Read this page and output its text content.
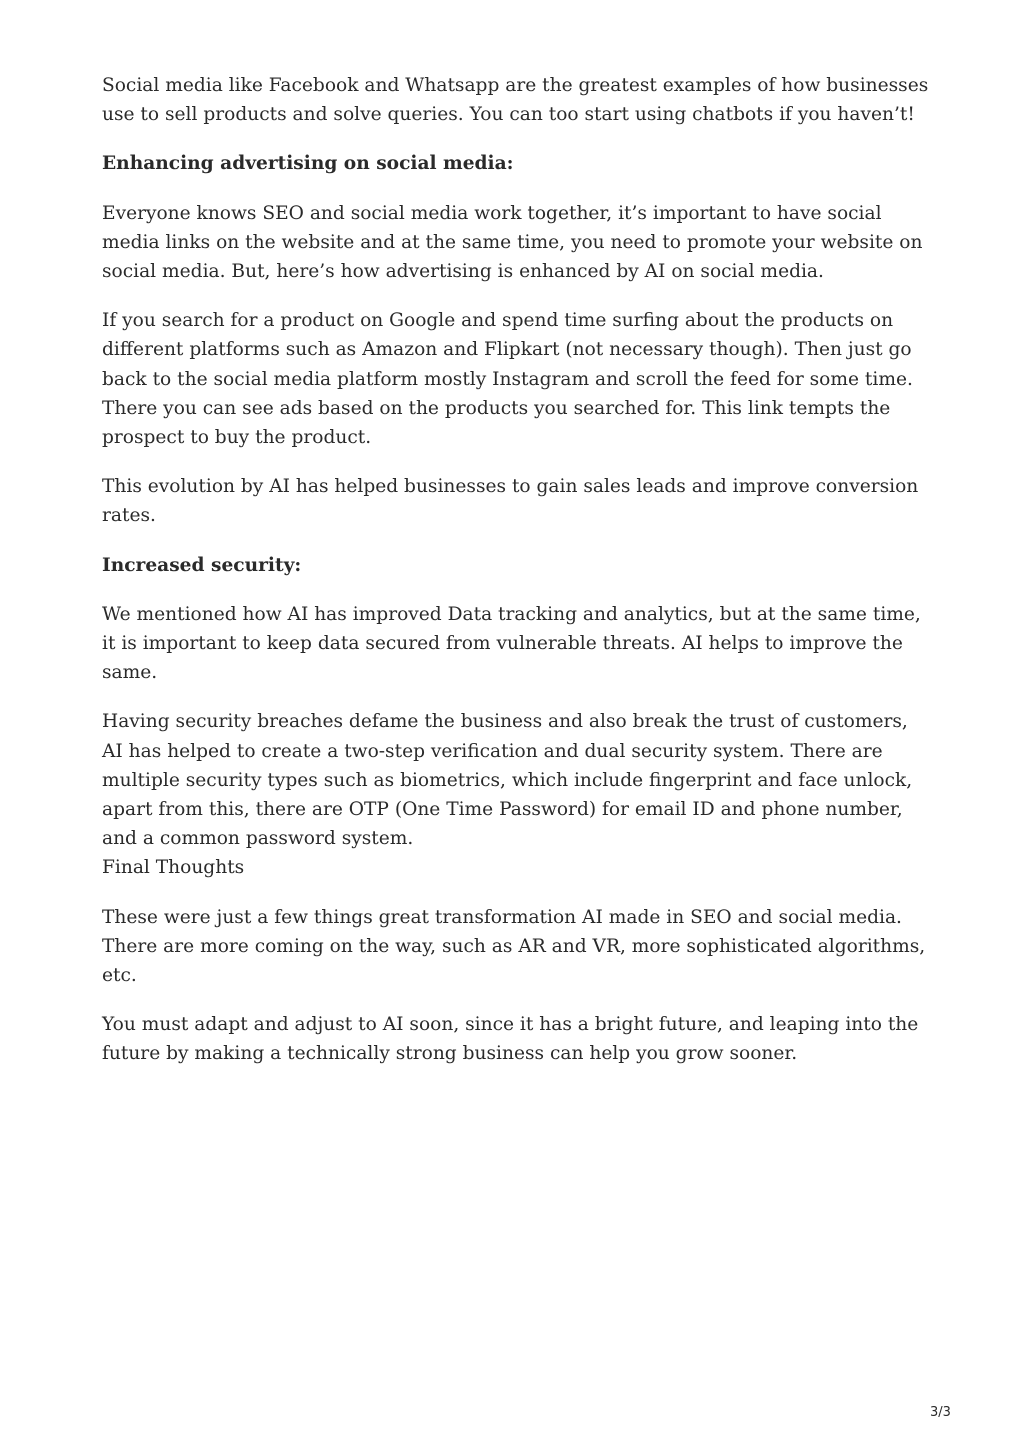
Social media like Facebook and Whatsapp are the greatest examples of how businesses use to sell products and solve queries. You can too start using chatbots if you haven’t!

Enhancing advertising on social media:

Everyone knows SEO and social media work together, it’s important to have social media links on the website and at the same time, you need to promote your website on social media. But, here’s how advertising is enhanced by AI on social media.

If you search for a product on Google and spend time surfing about the products on different platforms such as Amazon and Flipkart (not necessary though). Then just go back to the social media platform mostly Instagram and scroll the feed for some time. There you can see ads based on the products you searched for. This link tempts the prospect to buy the product.

This evolution by AI has helped businesses to gain sales leads and improve conversion rates.

Increased security:

We mentioned how AI has improved Data tracking and analytics, but at the same time, it is important to keep data secured from vulnerable threats. AI helps to improve the same.

Having security breaches defame the business and also break the trust of customers, AI has helped to create a two-step verification and dual security system. There are multiple security types such as biometrics, which include fingerprint and face unlock, apart from this, there are OTP (One Time Password) for email ID and phone number, and a common password system.

Final Thoughts

These were just a few things great transformation AI made in SEO and social media. There are more coming on the way, such as AR and VR, more sophisticated algorithms, etc.

You must adapt and adjust to AI soon, since it has a bright future, and leaping into the future by making a technically strong business can help you grow sooner.

3/3
